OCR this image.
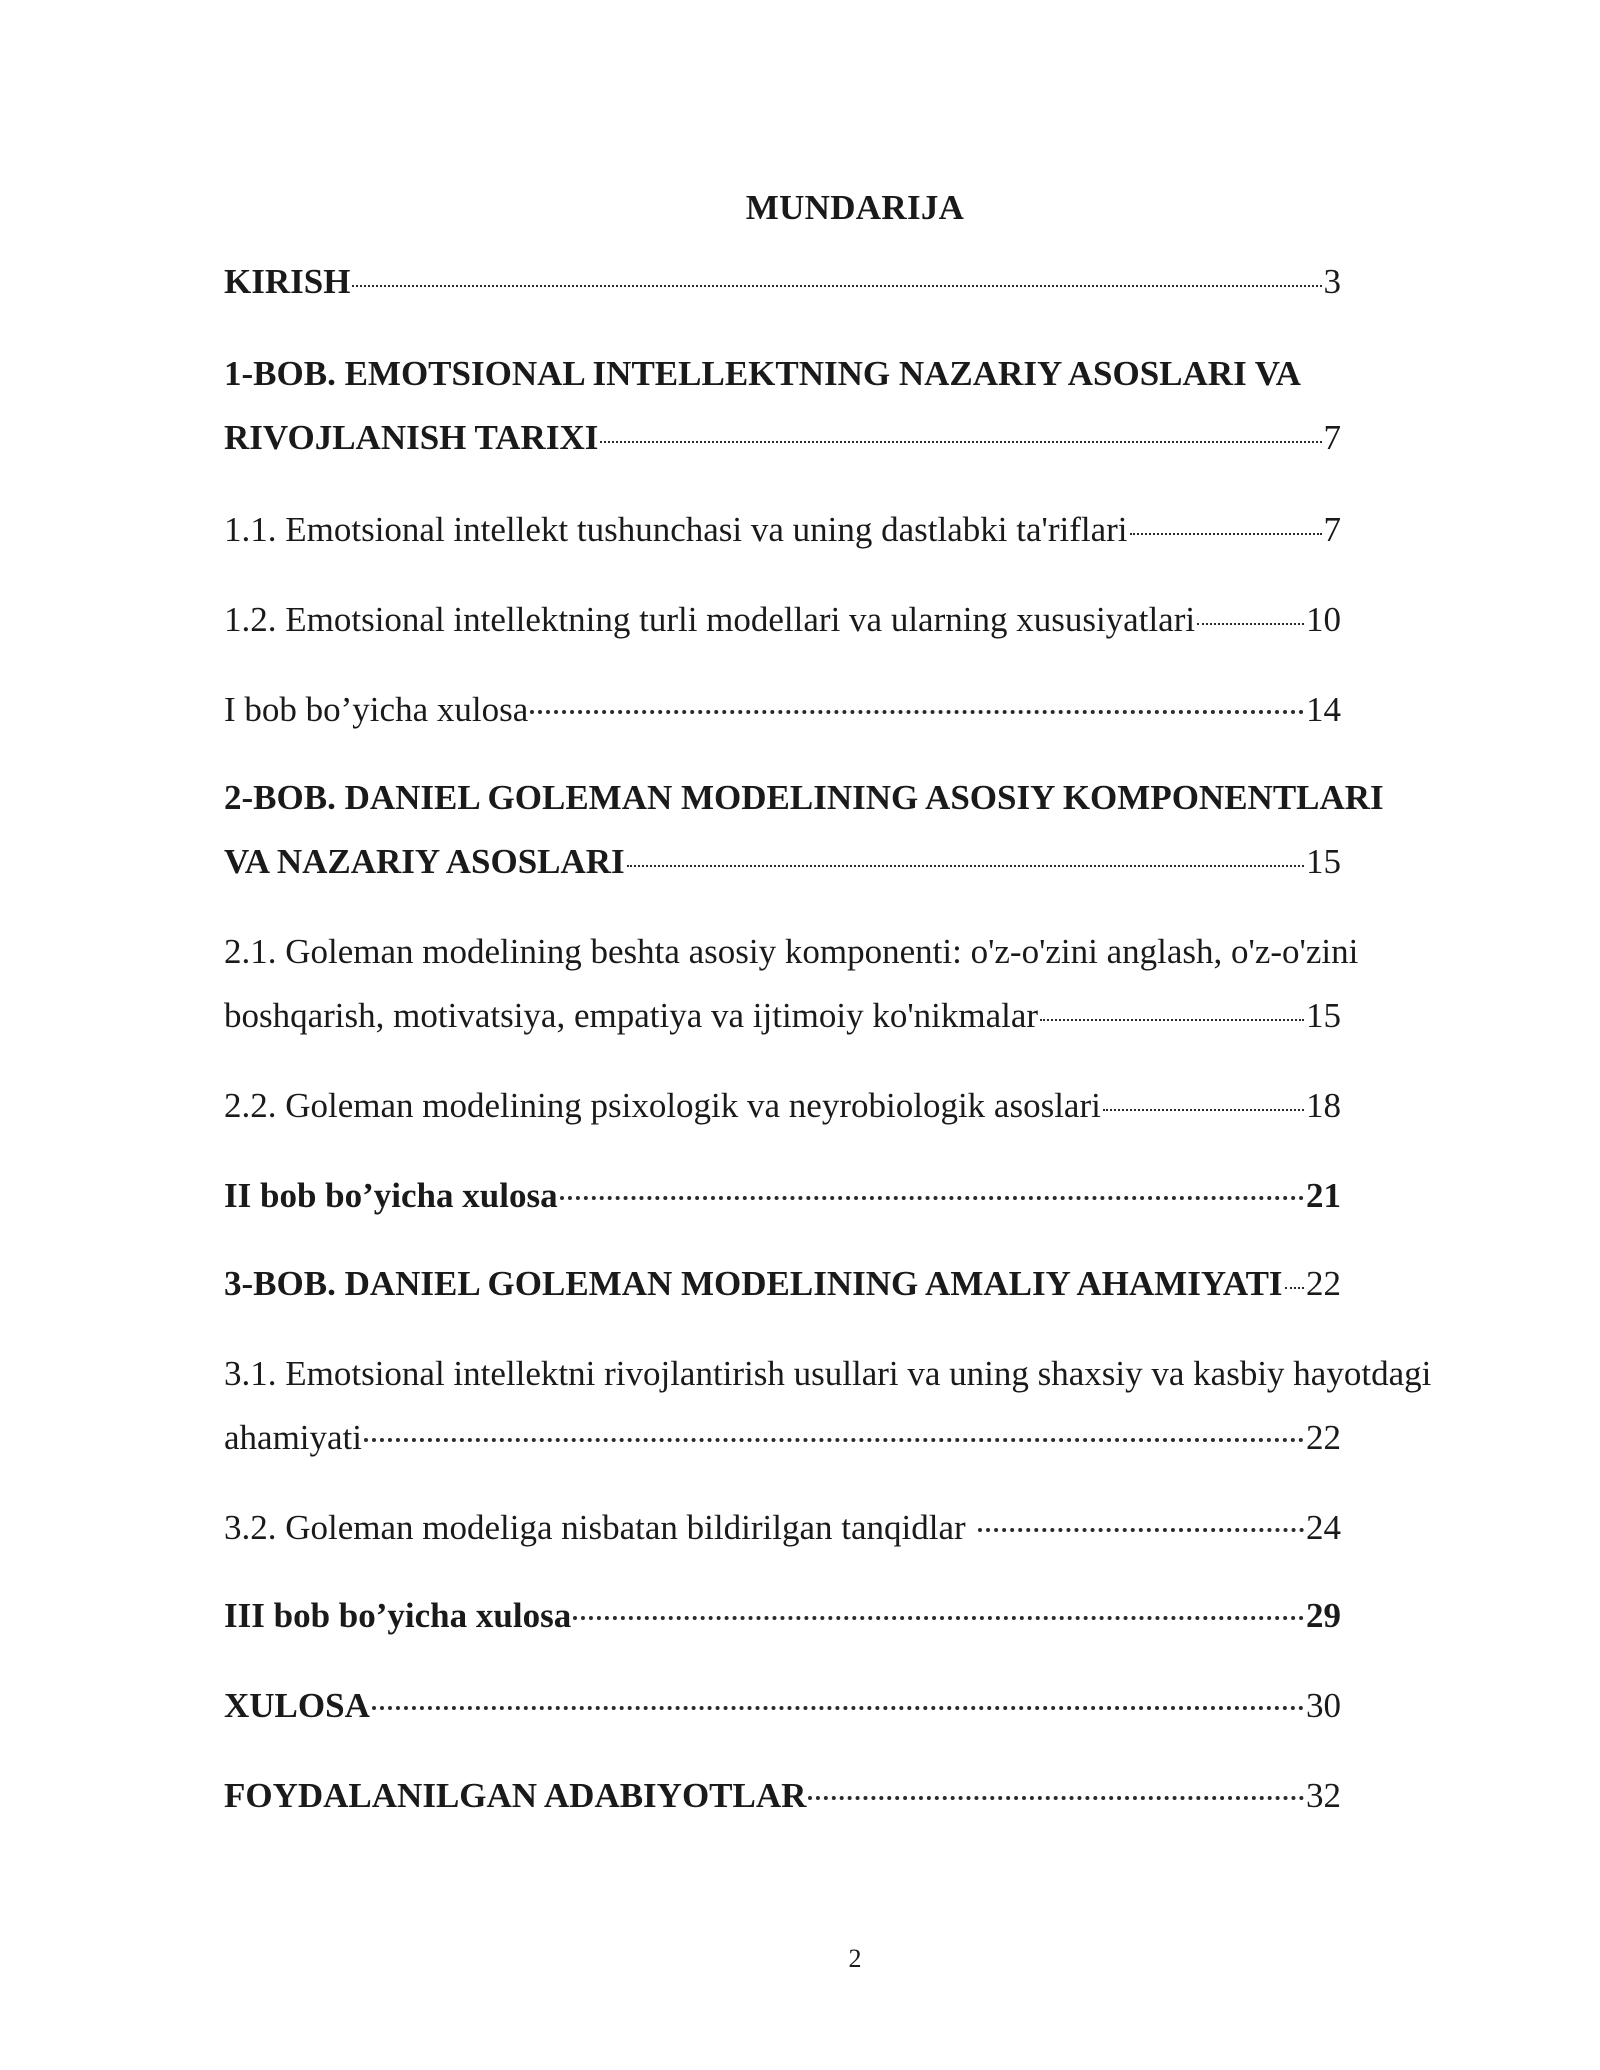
MUNDARIJA
KIRISH	3
1-BOB. EMOTSIONAL INTELLEKTNING NAZARIY ASOSLARI VA
RIVOJLANISH TARIXI	7
1.1. Emotsional intellekt tushunchasi va uning dastlabki ta'riflari	7
1.2. Emotsional intellektning turli modellari va ularning xususiyatlari	10
I bob bo’yicha xulosa	14
2-BOB. DANIEL GOLEMAN MODELINING ASOSIY KOMPONENTLARI
VA NAZARIY ASOSLARI	15
2.1. Goleman modelining beshta asosiy komponenti: o'z-o'zini anglash, o'z-o'zini
boshqarish, motivatsiya, empatiya va ijtimoiy ko'nikmalar	15
2.2. Goleman modelining psixologik va neyrobiologik asoslari	18
II bob bo’yicha xulosa	21
3-BOB. DANIEL GOLEMAN MODELINING AMALIY AHAMIYATI 22
3.1. Emotsional intellektni rivojlantirish usullari va uning shaxsiy va kasbiy hayotdagi
ahamiyati	22
3.2. Goleman modeliga nisbatan bildirilgan tanqidlar	24
III bob bo’yicha xulosa	29
XULOSA	30
FOYDALANILGAN ADABIYOTLAR	32
2
